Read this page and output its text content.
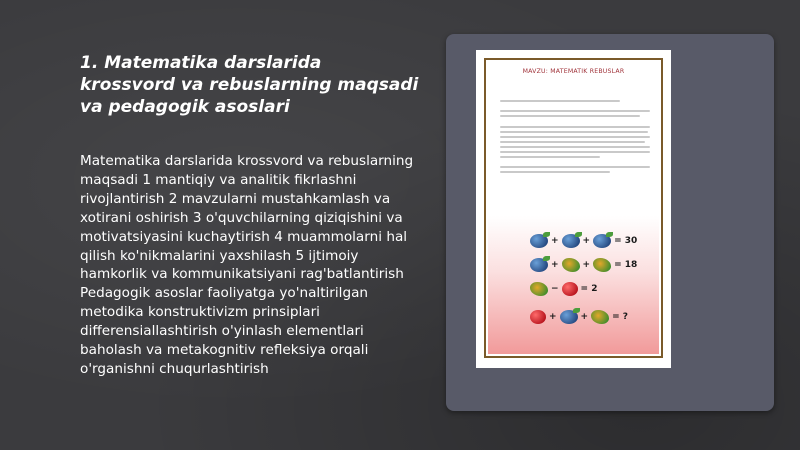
1. Matematika darslarida krossvord va rebuslarning maqsadi va pedagogik asoslari
Matematika darslarida krossvord va rebuslarning maqsadi 1 mantiqiy va analitik fikrlashni rivojlantirish 2 mavzularni mustahkamlash va xotirani oshirish 3 o'quvchilarning qiziqishini va motivatsiyasini kuchaytirish 4 muammolarni hal qilish ko'nikmalarini yaxshilash 5 ijtimoiy hamkorlik va kommunikatsiyani rag'batlantirish Pedagogik asoslar faoliyatga yo'naltirilgan metodika konstruktivizm prinsiplari differensiallashtirish o'yinlash elementlari baholash va metakognitiv refleksiya orqali o'rganishni chuqurlashtirish
MAVZU: MATEMATIK REBUSLAR
+	+	= 30
+	+	= 18
−	= 2
+	+	= ?
